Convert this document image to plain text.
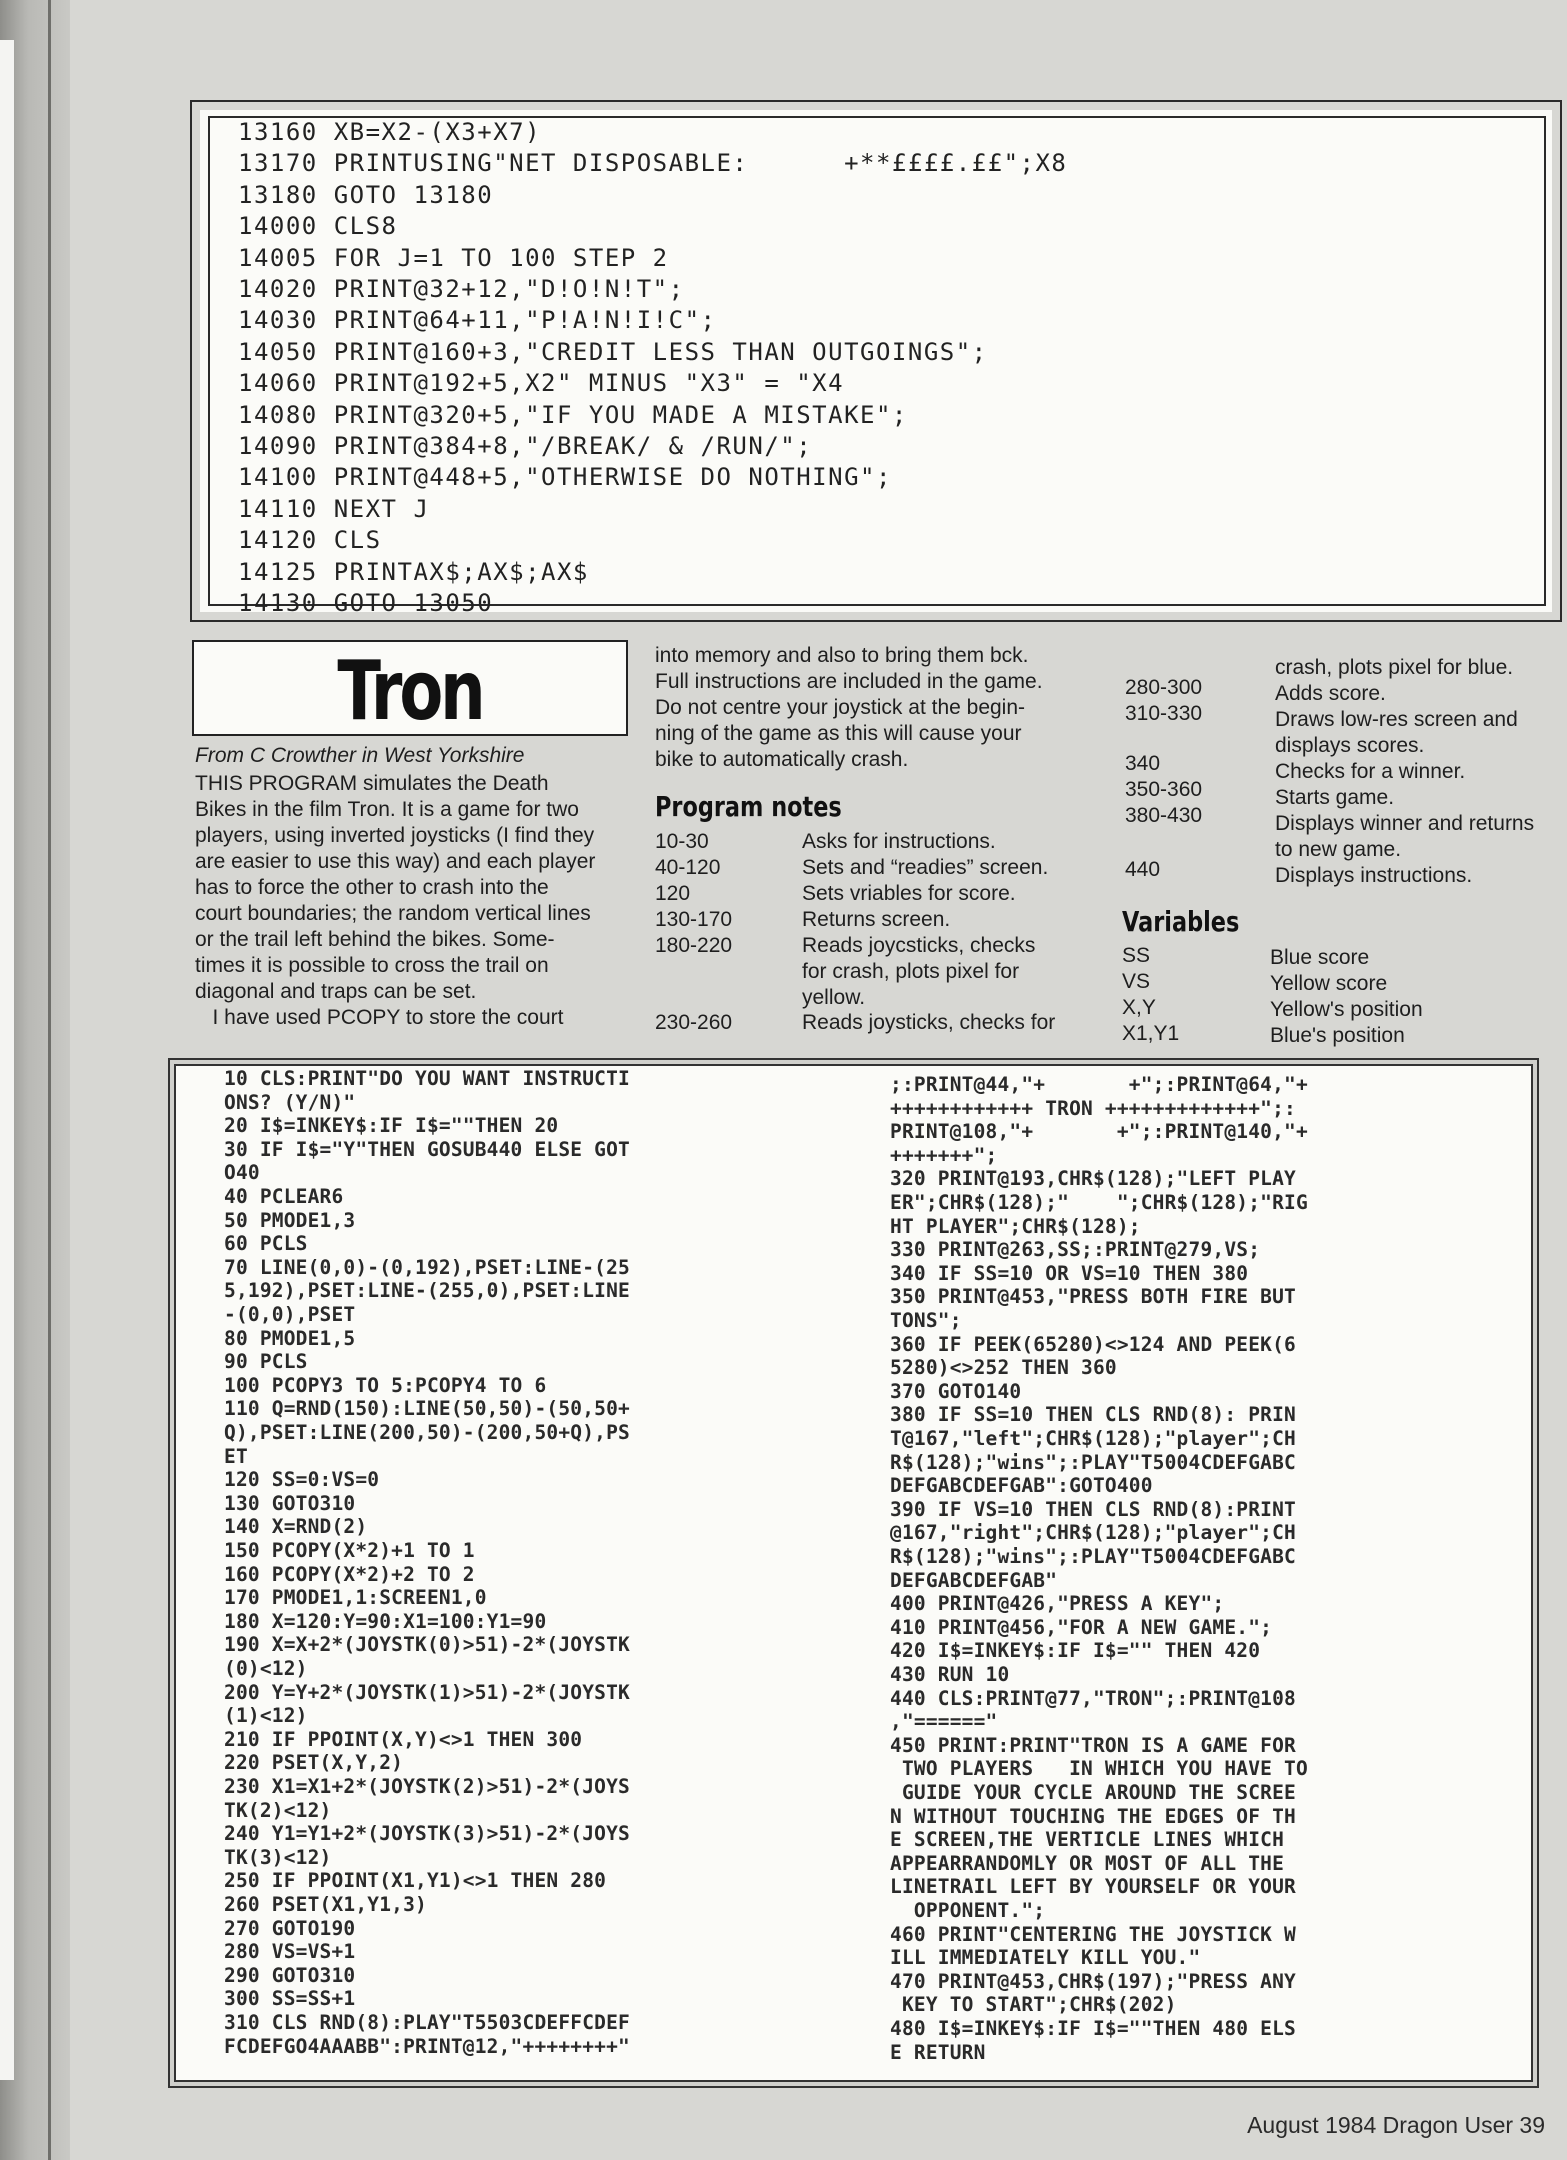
13160 XB=X2-(X3+X7)
13170 PRINTUSING"NET DISPOSABLE:      +**££££.££";X8
13180 GOTO 13180
14000 CLS8
14005 FOR J=1 TO 100 STEP 2
14020 PRINT@32+12,"D!O!N!T";
14030 PRINT@64+11,"P!A!N!I!C";
14050 PRINT@160+3,"CREDIT LESS THAN OUTGOINGS";
14060 PRINT@192+5,X2" MINUS "X3" = "X4
14080 PRINT@320+5,"IF YOU MADE A MISTAKE";
14090 PRINT@384+8,"/BREAK/ & /RUN/";
14100 PRINT@448+5,"OTHERWISE DO NOTHING";
14110 NEXT J
14120 CLS
14125 PRINTAX$;AX$;AX$
14130 GOTO 13050
Tron
From C Crowther in West Yorkshire
THIS PROGRAM simulates the Death
Bikes in the film Tron. It is a game for two
players, using inverted joysticks (I find they
are easier to use this way) and each player
has to force the other to crash into the
court boundaries; the random vertical lines
or the trail left behind the bikes. Some-
times it is possible to cross the trail on
diagonal and traps can be set.
I have used PCOPY to store the court
into memory and also to bring them bck.
Full instructions are included in the game.
Do not centre your joystick at the begin-
ning of the game as this will cause your
bike to automatically crash.
Program notes
10-30	Asks for instructions.
40-120	Sets and “readies” screen.
120	Sets vriables for score.
130-170	Returns screen.
180-220	Reads joycsticks, checks
for crash, plots pixel for
yellow.
230-260	Reads joysticks, checks for
crash, plots pixel for blue.
280-300	Adds score.
310-330	Draws low-res screen and
displays scores.
340	Checks for a winner.
350-360	Starts game.
380-430	Displays winner and returns
to new game.
440	Displays instructions.
Variables
SS	Blue score
VS	Yellow score
X,Y	Yellow's position
X1,Y1	Blue's position
10 CLS:PRINT"DO YOU WANT INSTRUCTI
ONS? (Y/N)"
20 I$=INKEY$:IF I$=""THEN 20
30 IF I$="Y"THEN GOSUB440 ELSE GOT
O40
40 PCLEAR6
50 PMODE1,3
60 PCLS
70 LINE(0,0)-(0,192),PSET:LINE-(25
5,192),PSET:LINE-(255,0),PSET:LINE
-(0,0),PSET
80 PMODE1,5
90 PCLS
100 PCOPY3 TO 5:PCOPY4 TO 6
110 Q=RND(150):LINE(50,50)-(50,50+
Q),PSET:LINE(200,50)-(200,50+Q),PS
ET
120 SS=0:VS=0
130 GOTO310
140 X=RND(2)
150 PCOPY(X*2)+1 TO 1
160 PCOPY(X*2)+2 TO 2
170 PMODE1,1:SCREEN1,0
180 X=120:Y=90:X1=100:Y1=90
190 X=X+2*(JOYSTK(0)>51)-2*(JOYSTK
(0)<12)
200 Y=Y+2*(JOYSTK(1)>51)-2*(JOYSTK
(1)<12)
210 IF PPOINT(X,Y)<>1 THEN 300
220 PSET(X,Y,2)
230 X1=X1+2*(JOYSTK(2)>51)-2*(JOYS
TK(2)<12)
240 Y1=Y1+2*(JOYSTK(3)>51)-2*(JOYS
TK(3)<12)
250 IF PPOINT(X1,Y1)<>1 THEN 280
260 PSET(X1,Y1,3)
270 GOTO190
280 VS=VS+1
290 GOTO310
300 SS=SS+1
310 CLS RND(8):PLAY"T5503CDEFFCDEF
FCDEFGO4AAABB":PRINT@12,"++++++++"
;:PRINT@44,"+       +";:PRINT@64,"+
++++++++++++ TRON +++++++++++++";:
PRINT@108,"+       +";:PRINT@140,"+
+++++++";
320 PRINT@193,CHR$(128);"LEFT PLAY
ER";CHR$(128);"    ";CHR$(128);"RIG
HT PLAYER";CHR$(128);
330 PRINT@263,SS;:PRINT@279,VS;
340 IF SS=10 OR VS=10 THEN 380
350 PRINT@453,"PRESS BOTH FIRE BUT
TONS";
360 IF PEEK(65280)<>124 AND PEEK(6
5280)<>252 THEN 360
370 GOTO140
380 IF SS=10 THEN CLS RND(8): PRIN
T@167,"left";CHR$(128);"player";CH
R$(128);"wins";:PLAY"T5004CDEFGABC
DEFGABCDEFGAB":GOTO400
390 IF VS=10 THEN CLS RND(8):PRINT
@167,"right";CHR$(128);"player";CH
R$(128);"wins";:PLAY"T5004CDEFGABC
DEFGABCDEFGAB"
400 PRINT@426,"PRESS A KEY";
410 PRINT@456,"FOR A NEW GAME.";
420 I$=INKEY$:IF I$="" THEN 420
430 RUN 10
440 CLS:PRINT@77,"TRON";:PRINT@108
,"======"
450 PRINT:PRINT"TRON IS A GAME FOR
TWO PLAYERS   IN WHICH YOU HAVE TO
GUIDE YOUR CYCLE AROUND THE SCREE
N WITHOUT TOUCHING THE EDGES OF TH
E SCREEN,THE VERTICLE LINES WHICH
APPEARRANDOMLY OR MOST OF ALL THE
LINETRAIL LEFT BY YOURSELF OR YOUR
OPPONENT.";
460 PRINT"CENTERING THE JOYSTICK W
ILL IMMEDIATELY KILL YOU."
470 PRINT@453,CHR$(197);"PRESS ANY
KEY TO START";CHR$(202)
480 I$=INKEY$:IF I$=""THEN 480 ELS
E RETURN
August 1984 Dragon User 39
